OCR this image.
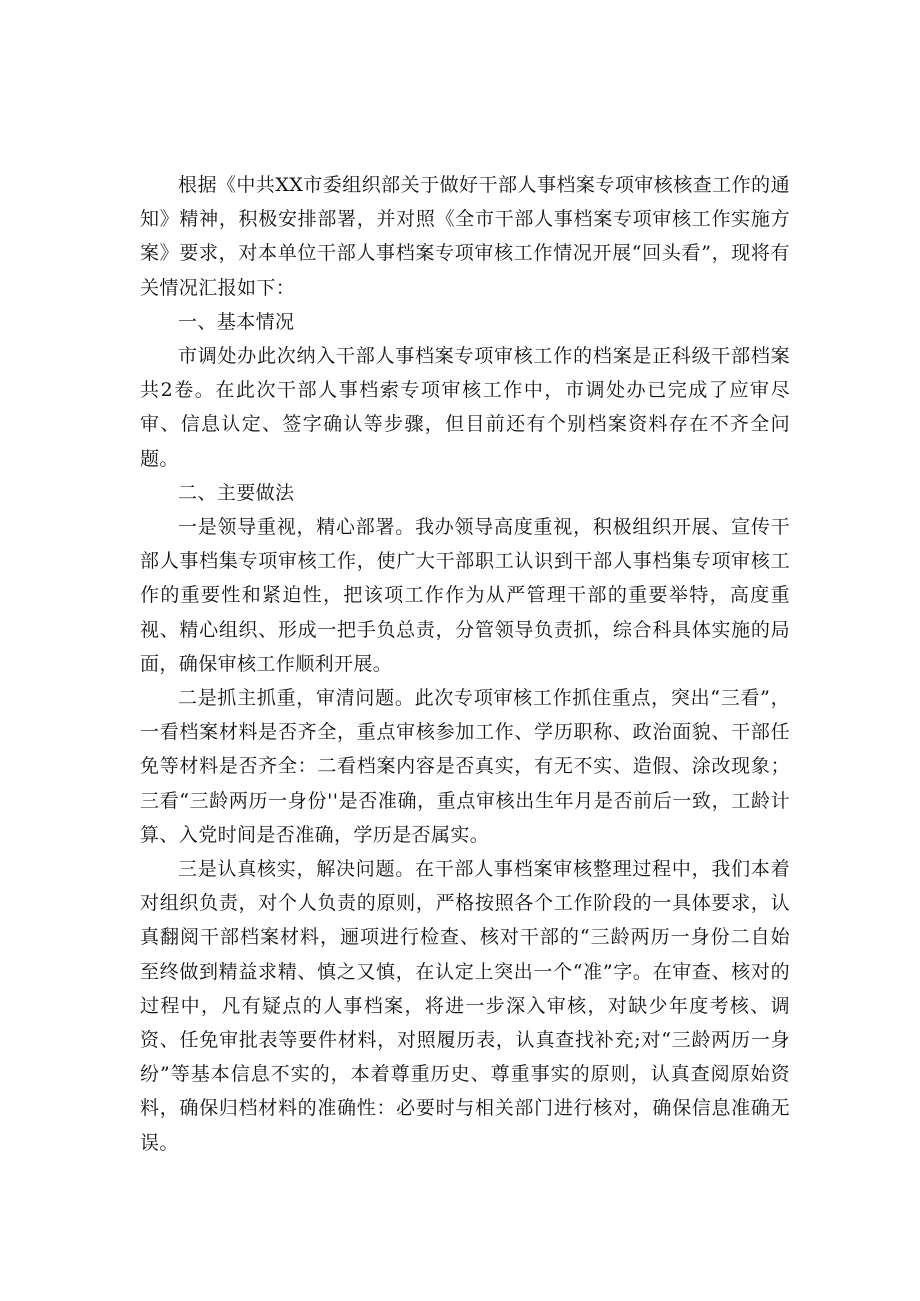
根据《中共XX市委组织部关于做好干部人事档案专项审核核查工作的通知》精神，积极安排部署，并对照《全市干部人事档案专项审核工作实施方案》要求，对本单位干部人事档案专项审核工作情况开展“回头看”，现将有关情况汇报如下：

一、基本情况

市调处办此次纳入干部人事档案专项审核工作的档案是正科级干部档案共2卷。在此次干部人事档索专项审核工作中，市调处办已完成了应审尽审、信息认定、签字确认等步骤，但目前还有个别档案资料存在不齐全问题。

二、主要做法

一是领导重视，精心部署。我办领导高度重视，积极组织开展、宣传干部人事档集专项审核工作，使广大干部职工认识到干部人事档集专项审核工作的重要性和紧迫性，把该项工作作为从严管理干部的重要举特，高度重视、精心组织、形成一把手负总责，分管领导负责抓，综合科具体实施的局面，确保审核工作顺利开展。

二是抓主抓重，审清问题。此次专项审核工作抓住重点，突出“三看”，一看档案材料是否齐全，重点审核参加工作、学历职称、政治面貌、干部任免等材料是否齐全：二看档案内容是否真实，有无不实、造假、涂改现象；三看“三龄两历一身份''是否准确，重点审核出生年月是否前后一致，工龄计算、入党时间是否准确，学历是否属实。

三是认真核实，解决问题。在干部人事档案审核整理过程中，我们本着对组织负责，对个人负责的原则，严格按照各个工作阶段的一具体要求，认真翻阅干部档案材料，逦项进行检查、核对干部的“三龄两历一身份二自始至终做到精益求精、慎之又慎，在认定上突出一个“准”字。在审查、核对的过程中，凡有疑点的人事档案，将进一步深入审核，对缺少年度考核、调资、任免审批表等要件材料，对照履历表，认真查找补充;对“三龄两历一身纷”等基本信息不实的，本着尊重历史、尊重事实的原则，认真查阅原始资料，确保归档材料的准确性：必要时与相关部门进行核对，确保信息准确无误。
